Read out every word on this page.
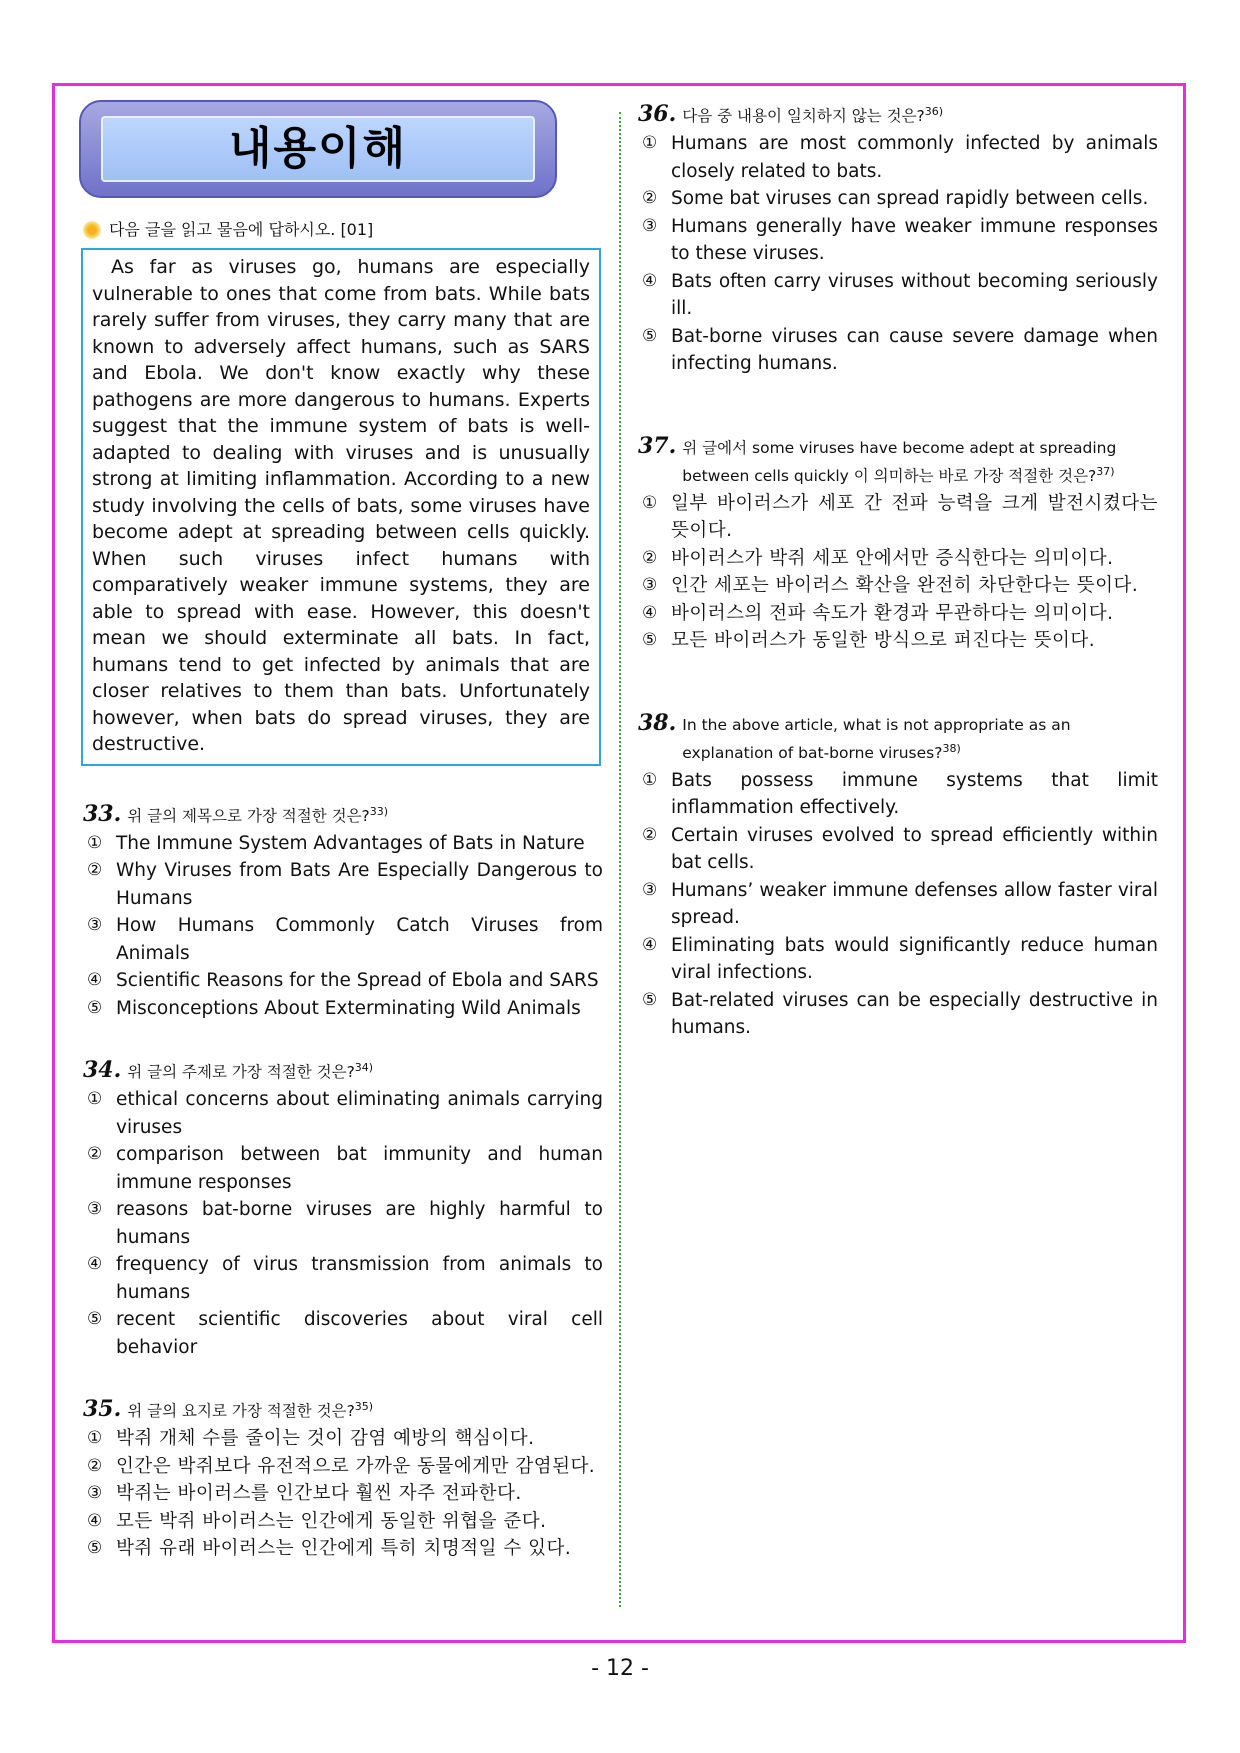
내용이해
다음 글을 읽고 물음에 답하시오. [01]

As far as viruses go, humans are especially vulnerable to ones that come from bats. While bats rarely suffer from viruses, they carry many that are known to adversely affect humans, such as SARS and Ebola. We don't know exactly why these pathogens are more dangerous to humans. Experts suggest that the immune system of bats is well-adapted to dealing with viruses and is unusually strong at limiting inflammation. According to a new study involving the cells of bats, some viruses have become adept at spreading between cells quickly. When such viruses infect humans with comparatively weaker immune systems, they are able to spread with ease. However, this doesn't mean we should exterminate all bats. In fact, humans tend to get infected by animals that are closer relatives to them than bats. Unfortunately however, when bats do spread viruses, they are destructive.

33. 위 글의 제목으로 가장 적절한 것은?$^{33)}$
① The Immune System Advantages of Bats in Nature
② Why Viruses from Bats Are Especially Dangerous to Humans
③ How Humans Commonly Catch Viruses from Animals
④ Scientific Reasons for the Spread of Ebola and SARS
⑤ Misconceptions About Exterminating Wild Animals
34. 위 글의 주제로 가장 적절한 것은?$^{34)}$
① ethical concerns about eliminating animals carrying viruses
② comparison between bat immunity and human immune responses
③ reasons bat-borne viruses are highly harmful to humans
④ frequency of virus transmission from animals to humans
⑤ recent scientific discoveries about viral cell behavior
35. 위 글의 요지로 가장 적절한 것은?$^{35)}$
① 박쥐 개체 수를 줄이는 것이 감염 예방의 핵심이다.
② 인간은 박쥐보다 유전적으로 가까운 동물에게만 감염된다.
③ 박쥐는 바이러스를 인간보다 훨씬 자주 전파한다.
④ 모든 박쥐 바이러스는 인간에게 동일한 위협을 준다.
⑤ 박쥐 유래 바이러스는 인간에게 특히 치명적일 수 있다.
36. 다음 중 내용이 일치하지 않는 것은?$^{36)}$
① Humans are most commonly infected by animals closely related to bats.
② Some bat viruses can spread rapidly between cells.
③ Humans generally have weaker immune responses to these viruses.
④ Bats often carry viruses without becoming seriously ill.
⑤ Bat-borne viruses can cause severe damage when infecting humans.
37. 위 글에서 some viruses have become adept at spreading between cells quickly 이 의미하는 바로 가장 적절한 것은?$^{37)}$
① 일부 바이러스가 세포 간 전파 능력을 크게 발전시켰다는 뜻이다.
② 바이러스가 박쥐 세포 안에서만 증식한다는 의미이다.
③ 인간 세포는 바이러스 확산을 완전히 차단한다는 뜻이다.
④ 바이러스의 전파 속도가 환경과 무관하다는 의미이다.
⑤ 모든 바이러스가 동일한 방식으로 퍼진다는 뜻이다.
38. In the above article, what is not appropriate as an explanation of bat-borne viruses?$^{38)}$
① Bats possess immune systems that limit inflammation effectively.
② Certain viruses evolved to spread efficiently within bat cells.
③ Humans’ weaker immune defenses allow faster viral spread.
④ Eliminating bats would significantly reduce human viral infections.
⑤ Bat-related viruses can be especially destructive in humans.
- 12 -
